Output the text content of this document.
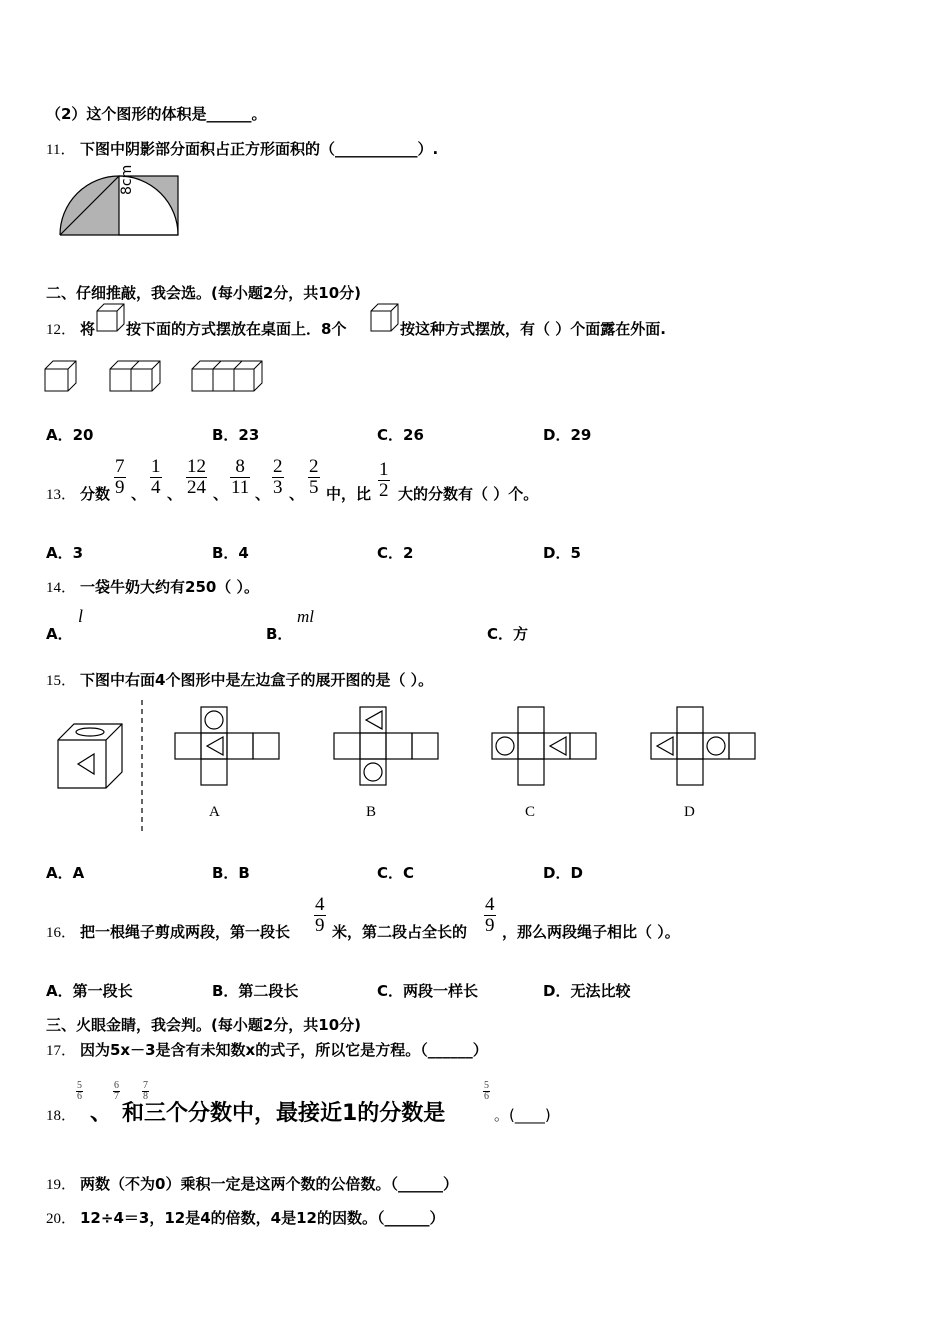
（2）这个图形的体积是______。
11． 下图中阴影部分面积占正方形面积的（___________）.
8cm
二、仔细推敲，我会选。(每小题2分，共10分)
12． 将 按下面的方式摆放在桌面上．8个	按这种方式摆放，有（ ）个面露在外面.
A．20	B．23	C．26	D．29
13． 分数 $\frac{7}{9}$ 、 $\frac{1}{4}$ 、 $\frac{12}{24}$ 、 $\frac{8}{11}$ 、 $\frac{2}{3}$ 、 $\frac{2}{5}$ 中，比 $\frac{1}{2}$ 大的分数有（ ）个。
A．3	B．4	C．2	D．5
14． 一袋牛奶大约有250（ ）。
A．
l
B．
ml
C．方
15． 下图中右面4个图形中是左边盒子的展开图的是（ ）。
A	B	C	D
A．A	B．B	C．C	D．D
16． 把一根绳子剪成两段，第一段长 $\frac{4}{9}$ 米，第二段占全长的 $\frac{4}{9}$ ，那么两段绳子相比（ ）。
A．第一段长	B．第二段长	C．两段一样长	D．无法比较
三、火眼金睛，我会判。(每小题2分，共10分)
17． 因为5x－3是含有未知数x的式子，所以它是方程。（______）
18．
$\frac{5}{6}$
、
$\frac{6}{7} \frac{7}{8}$
和三个分数中，最接近1的分数是
$\frac{5}{6}$
。(____)
19． 两数（不为0）乘积一定是这两个数的公倍数。（______）
20． 12÷4＝3，12是4的倍数，4是12的因数。（______）
